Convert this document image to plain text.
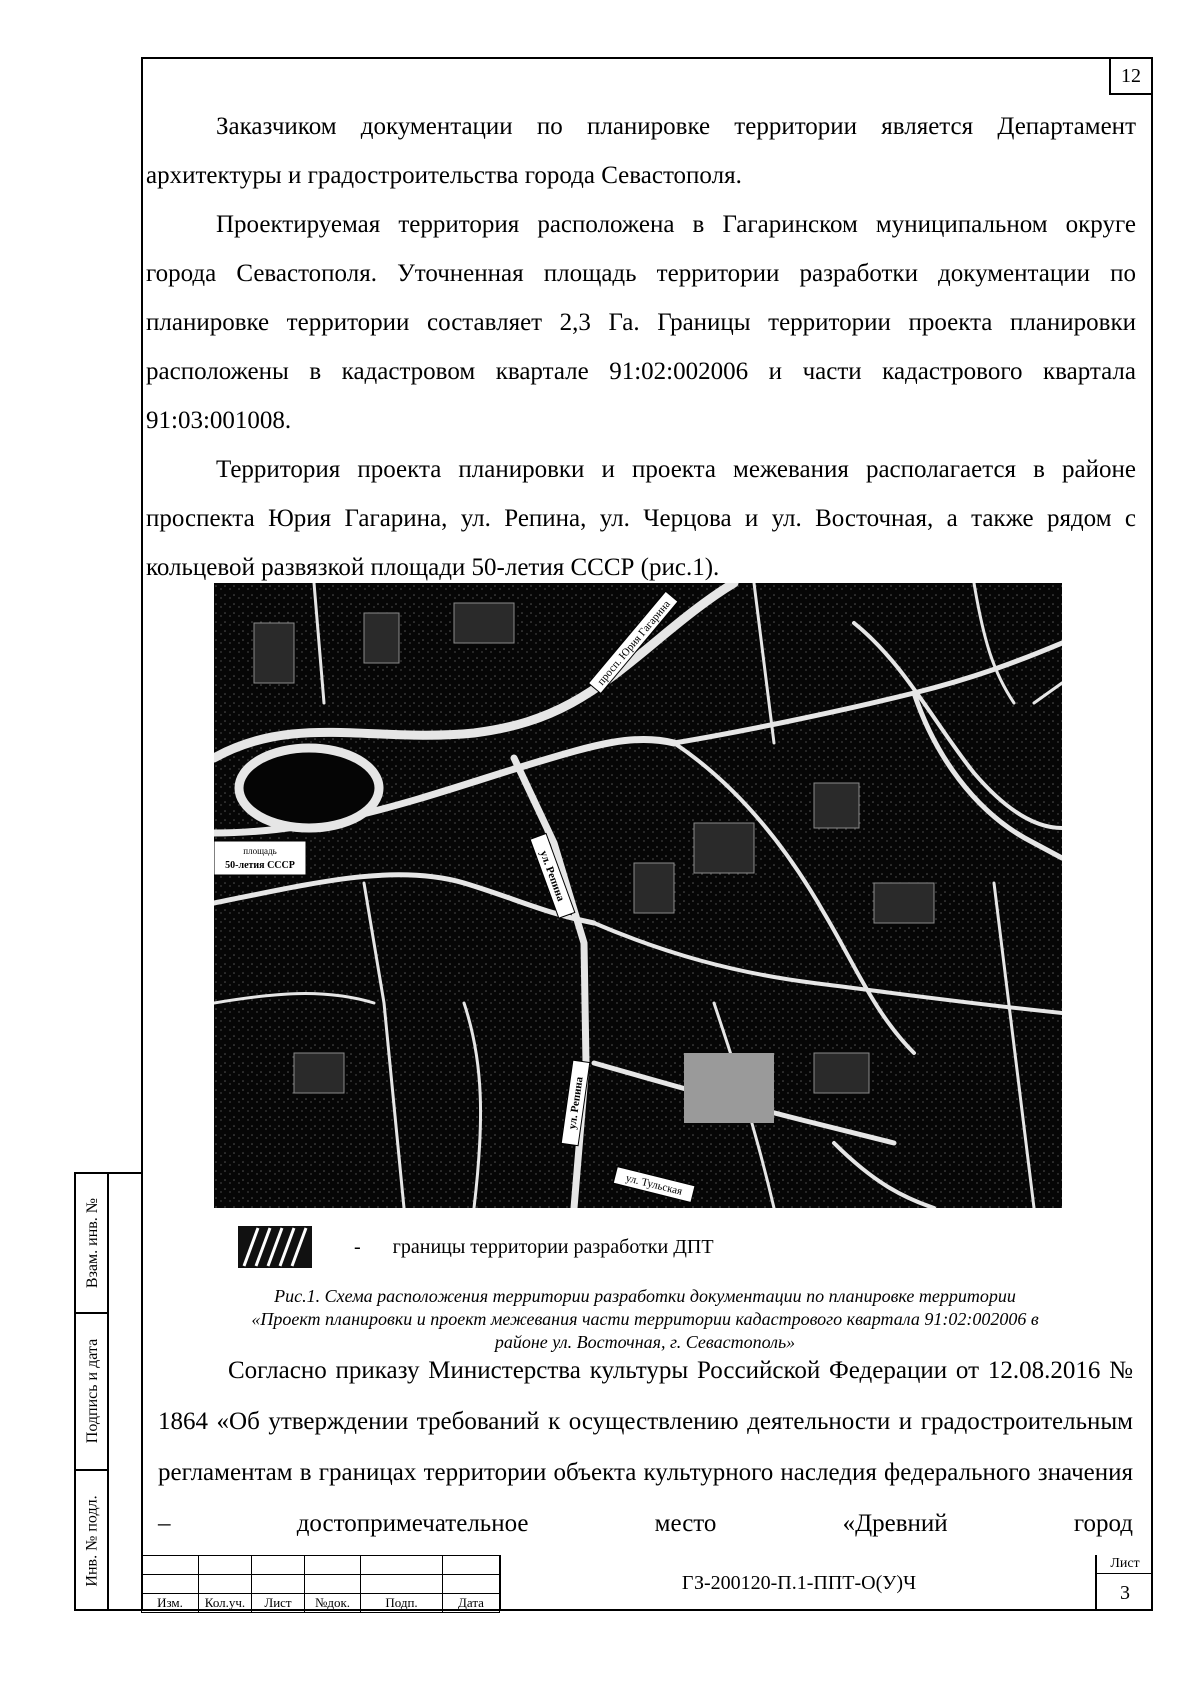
12

Заказчиком документации по планировке территории является Департамент архитектуры и градостроительства города Севастополя.

Проектируемая территория расположена в Гагаринском муниципальном округе города Севастополя. Уточненная площадь территории разработки документации по планировке территории составляет 2,3 Га. Границы территории проекта планировки расположены в кадастровом квартале 91:02:002006 и части кадастрового квартала 91:03:001008.

Территория проекта планировки и проекта межевания располагается в районе проспекта Юрия Гагарина, ул. Репина, ул. Черцова и ул. Восточная, а также рядом с кольцевой развязкой площади 50-летия СССР (рис.1).

просп. Юрия Гагарина
площадь
50-летия СССР	ул. Репина
ул. Репина
ул. Тульская
- границы территории разработки ДПТ
Рис.1. Схема расположения территории разработки документации по планировке территории
«Проект планировки и проект межевания части территории кадастрового квартала 91:02:002006 в
районе ул. Восточная, г. Севастополь»

Согласно приказу Министерства культуры Российской Федерации от 12.08.2016 № 1864 «Об утверждении требований к осуществлению деятельности и градостроительным регламентам в границах территории объекта культурного наследия федерального значения – достопримечательное место «Древний город

Взам. инв. №
Подпись и дата
Инв. № подл.

Изм.	Кол.уч.	Лист	№док.	Подп.	Дата
ГЗ-200120-П.1-ППТ-О(У)Ч
Лист
3
